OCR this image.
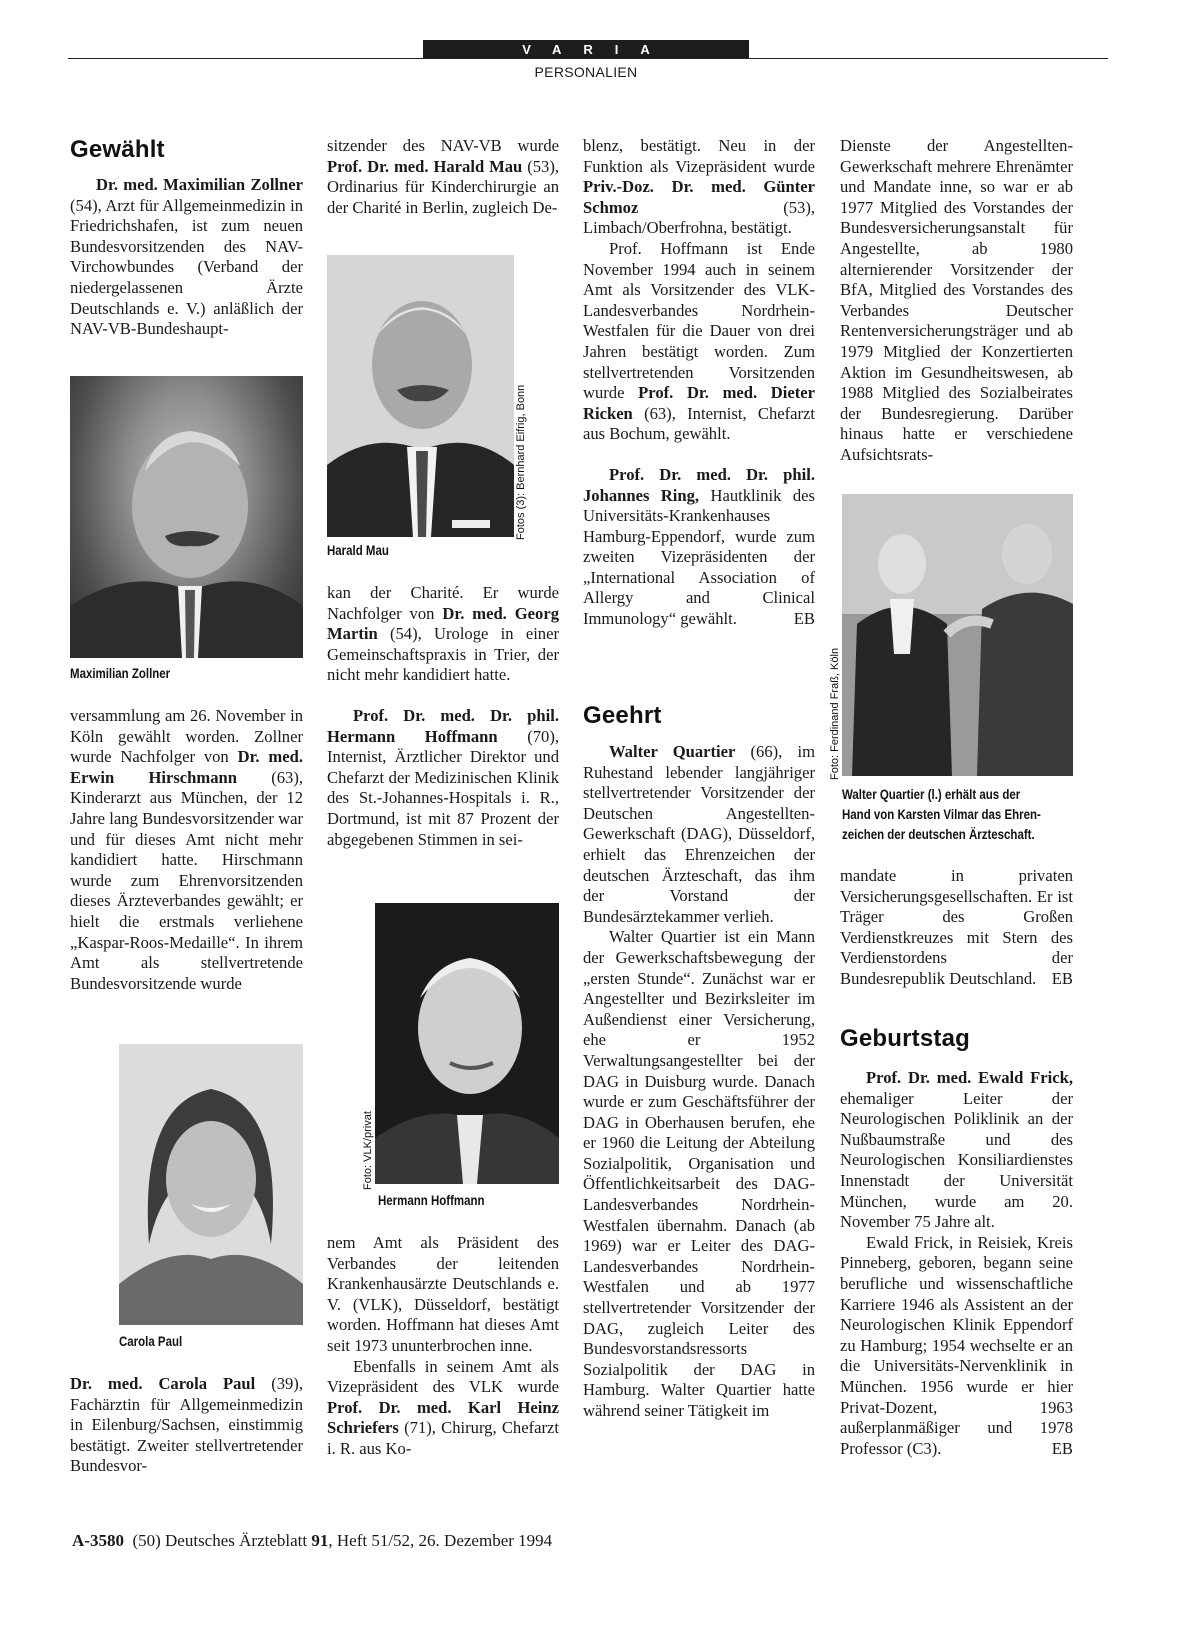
VARIA
PERSONALIEN
Gewählt

Dr. med. Maximilian Zollner (54), Arzt für Allgemeinmedizin in Friedrichshafen, ist zum neuen Bundesvorsitzenden des NAV-Virchowbundes (Verband der niedergelassenen Ärzte Deutschlands e. V.) anläßlich der NAV-VB-Bundeshaupt-

Maximilian Zollner

versammlung am 26. November in Köln gewählt worden. Zollner wurde Nachfolger von Dr. med. Erwin Hirschmann (63), Kinderarzt aus München, der 12 Jahre lang Bundesvorsitzender war und für dieses Amt nicht mehr kandidiert hatte. Hirschmann wurde zum Ehrenvorsitzenden dieses Ärzteverbandes gewählt; er hielt die erstmals verliehene „Kaspar-Roos-Medaille“. In ihrem Amt als stellvertretende Bundesvorsitzende wurde

Carola Paul

Dr. med. Carola Paul (39), Fachärztin für Allgemeinmedizin in Eilenburg/Sachsen, einstimmig bestätigt. Zweiter stellvertretender Bundesvor-

sitzender des NAV-VB wurde Prof. Dr. med. Harald Mau (53), Ordinarius für Kinderchirurgie an der Charité in Berlin, zugleich De-

Fotos (3): Bernhard Eifrig, Bonn
Harald Mau

kan der Charité. Er wurde Nachfolger von Dr. med. Georg Martin (54), Urologe in einer Gemeinschaftspraxis in Trier, der nicht mehr kandidiert hatte.

Prof. Dr. med. Dr. phil. Hermann Hoffmann (70), Internist, Ärztlicher Direktor und Chefarzt der Medizinischen Klinik des St.-Johannes-Hospitals i. R., Dortmund, ist mit 87 Prozent der abgegebenen Stimmen in sei-

Foto: VLK/privat
Hermann Hoffmann

nem Amt als Präsident des Verbandes der leitenden Krankenhausärzte Deutschlands e. V. (VLK), Düsseldorf, bestätigt worden. Hoffmann hat dieses Amt seit 1973 ununterbrochen inne.

Ebenfalls in seinem Amt als Vizepräsident des VLK wurde Prof. Dr. med. Karl Heinz Schriefers (71), Chirurg, Chefarzt i. R. aus Ko-

blenz, bestätigt. Neu in der Funktion als Vizepräsident wurde Priv.-Doz. Dr. med. Günter Schmoz (53), Limbach/Oberfrohna, bestätigt.

Prof. Hoffmann ist Ende November 1994 auch in seinem Amt als Vorsitzender des VLK-Landesverbandes Nordrhein-Westfalen für die Dauer von drei Jahren bestätigt worden. Zum stellvertretenden Vorsitzenden wurde Prof. Dr. med. Dieter Ricken (63), Internist, Chefarzt aus Bochum, gewählt.

Prof. Dr. med. Dr. phil. Johannes Ring, Hautklinik des Universitäts-Krankenhauses Hamburg-Eppendorf, wurde zum zweiten Vizepräsidenten der „International Association of Allergy and Clinical Immunology“ gewählt.	EB

Geehrt

Walter Quartier (66), im Ruhestand lebender langjähriger stellvertretender Vorsitzender der Deutschen Angestellten-Gewerkschaft (DAG), Düsseldorf, erhielt das Ehrenzeichen der deutschen Ärzteschaft, das ihm der Vorstand der Bundesärztekammer verlieh.

Walter Quartier ist ein Mann der Gewerkschaftsbewegung der „ersten Stunde“. Zunächst war er Angestellter und Bezirksleiter im Außendienst einer Versicherung, ehe er 1952 Verwaltungsangestellter bei der DAG in Duisburg wurde. Danach wurde er zum Geschäftsführer der DAG in Oberhausen berufen, ehe er 1960 die Leitung der Abteilung Sozialpolitik, Organisation und Öffentlichkeitsarbeit des DAG-Landesverbandes Nordrhein-Westfalen übernahm. Danach (ab 1969) war er Leiter des DAG-Landesverbandes Nordrhein-Westfalen und ab 1977 stellvertretender Vorsitzender der DAG, zugleich Leiter des Bundesvorstandsressorts Sozialpolitik der DAG in Hamburg. Walter Quartier hatte während seiner Tätigkeit im

Dienste der Angestellten-Gewerkschaft mehrere Ehrenämter und Mandate inne, so war er ab 1977 Mitglied des Vorstandes der Bundesversicherungsanstalt für Angestellte, ab 1980 alternierender Vorsitzender der BfA, Mitglied des Vorstandes des Verbandes Deutscher Rentenversicherungsträger und ab 1979 Mitglied der Konzertierten Aktion im Gesundheitswesen, ab 1988 Mitglied des Sozialbeirates der Bundesregierung. Darüber hinaus hatte er verschiedene Aufsichtsrats-

Foto: Ferdinand Fraß, Köln
Walter Quartier (l.) erhält aus der
Hand von Karsten Vilmar das Ehren-
zeichen der deutschen Ärzteschaft.

mandate in privaten Versicherungsgesellschaften. Er ist Träger des Großen Verdienstkreuzes mit Stern des Verdienstordens der Bundesrepublik Deutschland. EB

Geburtstag

Prof. Dr. med. Ewald Frick, ehemaliger Leiter der Neurologischen Poliklinik an der Nußbaumstraße und des Neurologischen Konsiliardienstes Innenstadt der Universität München, wurde am 20. November 75 Jahre alt.

Ewald Frick, in Reisiek, Kreis Pinneberg, geboren, begann seine berufliche und wissenschaftliche Karriere 1946 als Assistent an der Neurologischen Klinik Eppendorf zu Hamburg; 1954 wechselte er an die Universitäts-Nervenklinik in München. 1956 wurde er hier Privat-Dozent, 1963 außerplanmäßiger und 1978 Professor (C3).	EB

A-3580 (50) Deutsches Ärzteblatt 91, Heft 51/52, 26. Dezember 1994
